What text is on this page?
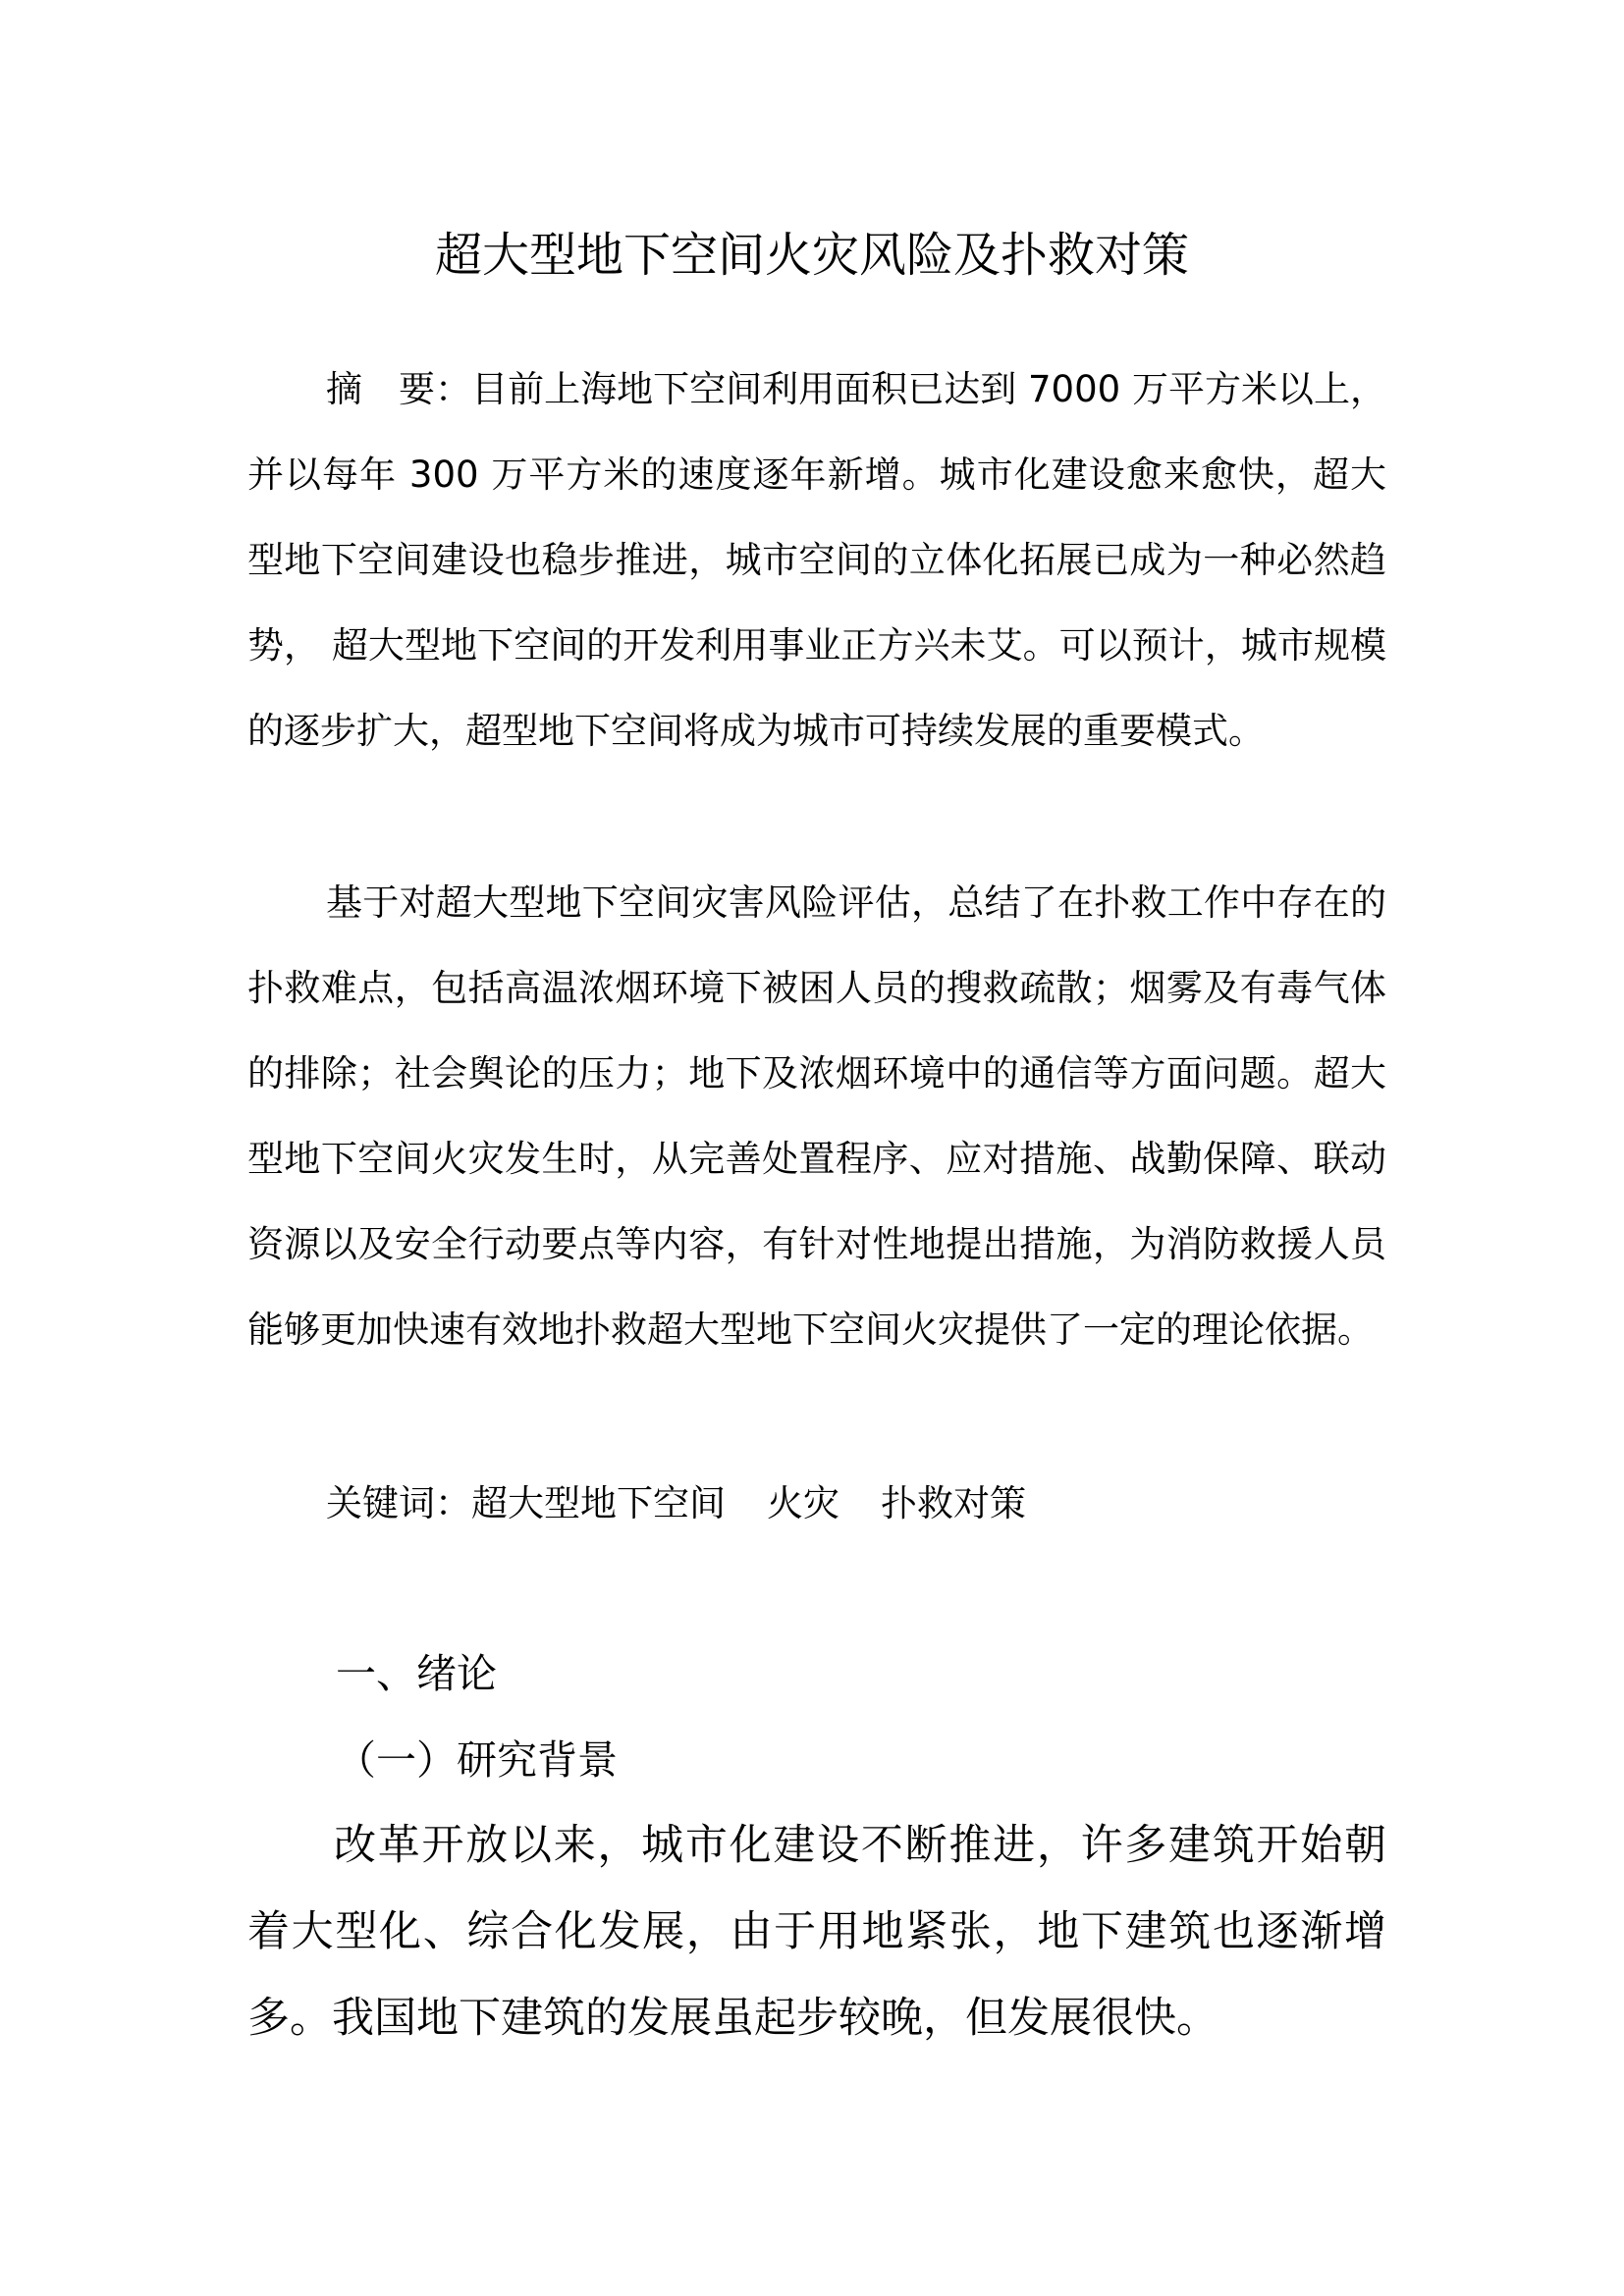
超大型地下空间火灾风险及扑救对策

摘 要：目前上海地下空间利用面积已达到 7000 万平方米以上，并以每年 300 万平方米的速度逐年新增。城市化建设愈来愈快，超大型地下空间建设也稳步推进，城市空间的立体化拓展已成为一种必然趋势， 超大型地下空间的开发利用事业正方兴未艾。可以预计，城市规模的逐步扩大，超型地下空间将成为城市可持续发展的重要模式。

基于对超大型地下空间灾害风险评估，总结了在扑救工作中存在的扑救难点，包括高温浓烟环境下被困人员的搜救疏散；烟雾及有毒气体的排除；社会舆论的压力；地下及浓烟环境中的通信等方面问题。超大型地下空间火灾发生时，从完善处置程序、应对措施、战勤保障、联动资源以及安全行动要点等内容，有针对性地提出措施，为消防救援人员能够更加快速有效地扑救超大型地下空间火灾提供了一定的理论依据。

关键词：超大型地下空间 火灾 扑救对策
一、绪论
（一）研究背景

改革开放以来，城市化建设不断推进，许多建筑开始朝着大型化、综合化发展，由于用地紧张，地下建筑也逐渐增多。我国地下建筑的发展虽起步较晚，但发展很快。
